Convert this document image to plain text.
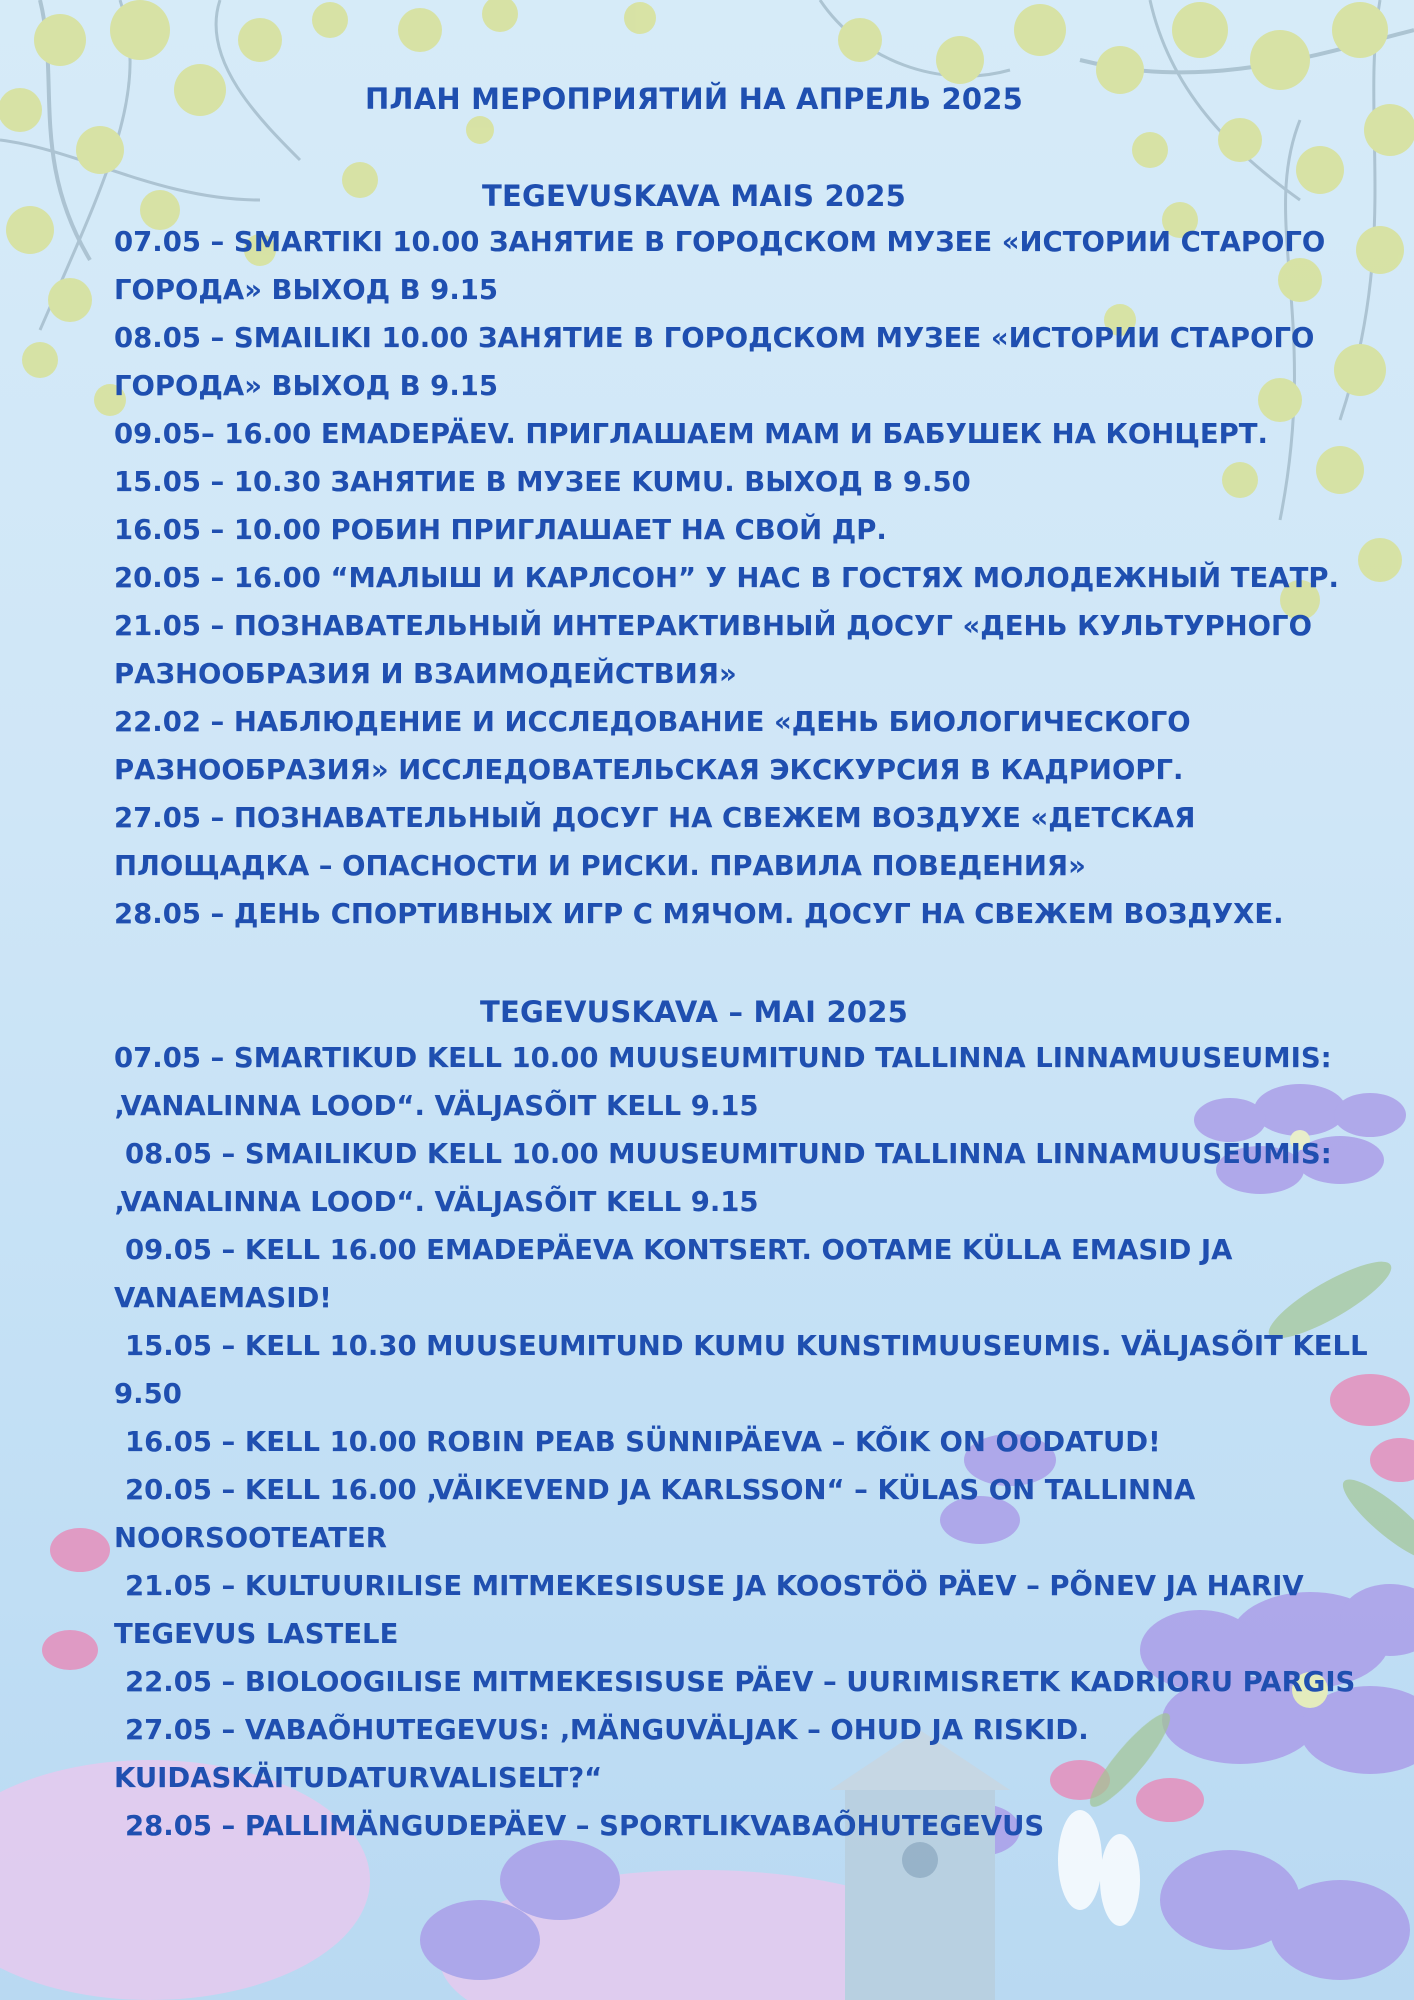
ПЛАН МЕРОПРИЯТИЙ НА АПРЕЛЬ 2025
TEGEVUSKAVA MAIS 2025
07.05 – SMARTIKI 10.00 ЗАНЯТИЕ В ГОРОДСКОМ МУЗЕЕ «ИСТОРИИ СТАРОГО
ГОРОДА» ВЫХОД В 9.15
08.05 – SMAILIKI 10.00 ЗАНЯТИЕ В ГОРОДСКОМ МУЗЕЕ «ИСТОРИИ СТАРОГО
ГОРОДА» ВЫХОД В 9.15
09.05– 16.00 EMADEPÄEV. ПРИГЛАШАЕМ МАМ И БАБУШЕК НА КОНЦЕРТ.
15.05 – 10.30 ЗАНЯТИЕ В МУЗЕЕ KUMU. ВЫХОД В 9.50
16.05 – 10.00 РОБИН ПРИГЛАШАЕТ НА СВОЙ ДР.
20.05 – 16.00 “МАЛЫШ И КАРЛСОН” У НАС В ГОСТЯХ МОЛОДЕЖНЫЙ ТЕАТР.
21.05 – ПОЗНАВАТЕЛЬНЫЙ ИНТЕРАКТИВНЫЙ ДОСУГ «ДЕНЬ КУЛЬТУРНОГО
РАЗНООБРАЗИЯ И ВЗАИМОДЕЙСТВИЯ»
22.02 – НАБЛЮДЕНИЕ И ИССЛЕДОВАНИЕ «ДЕНЬ БИОЛОГИЧЕСКОГО
РАЗНООБРАЗИЯ» ИССЛЕДОВАТЕЛЬСКАЯ ЭКСКУРСИЯ В КАДРИОРГ.
27.05 – ПОЗНАВАТЕЛЬНЫЙ ДОСУГ НА СВЕЖЕМ ВОЗДУХЕ «ДЕТСКАЯ
ПЛОЩАДКА – ОПАСНОСТИ И РИСКИ. ПРАВИЛА ПОВЕДЕНИЯ»
28.05 – ДЕНЬ СПОРТИВНЫХ ИГР С МЯЧОМ. ДОСУГ НА СВЕЖЕМ ВОЗДУХЕ.
TEGEVUSKAVA – MAI 2025
07.05 – SMARTIKUD KELL 10.00 MUUSEUMITUND TALLINNA LINNAMUUSEUMIS:
‚VANALINNA LOOD“. VÄLJASÕIT KELL 9.15
08.05 – SMAILIKUD KELL 10.00 MUUSEUMITUND TALLINNA LINNAMUUSEUMIS:
‚VANALINNA LOOD“. VÄLJASÕIT KELL 9.15
09.05 – KELL 16.00 EMADEPÄEVA KONTSERT. OOTAME KÜLLA EMASID JA
VANAEMASID!
15.05 – KELL 10.30 MUUSEUMITUND KUMU KUNSTIMUUSEUMIS. VÄLJASÕIT KELL
9.50
16.05 – KELL 10.00 ROBIN PEAB SÜNNIPÄEVA – KÕIK ON OODATUD!
20.05 – KELL 16.00 ‚VÄIKEVEND JA KARLSSON“ – KÜLAS ON TALLINNA
NOORSOOTEATER
21.05 – KULTUURILISE MITMEKESISUSE JA KOOSTÖÖ PÄEV – PÕNEV JA HARIV
TEGEVUS LASTELE
22.05 – BIOLOOGILISE MITMEKESISUSE PÄEV – UURIMISRETK KADRIORU PARGIS
27.05 – VABAÕHUTEGEVUS: ‚MÄNGUVÄLJAK – OHUD JA RISKID.
KUIDASKÄITUDATURVALISELT?“
28.05 – PALLIMÄNGUDEPÄEV – SPORTLIKVABAÕHUTEGEVUS
